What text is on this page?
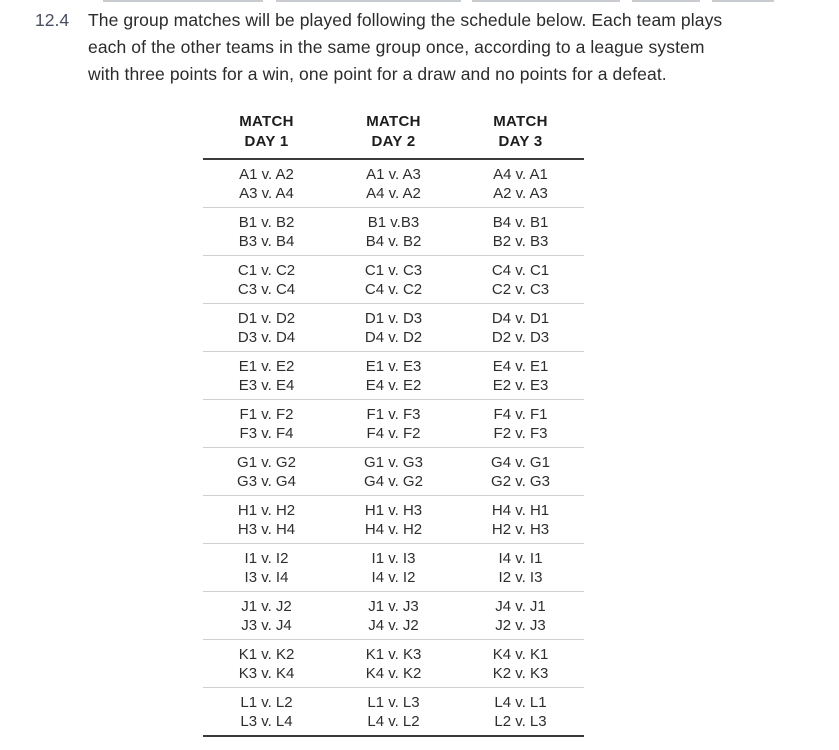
12.4	The group matches will be played following the schedule below. Each team plays
each of the other teams in the same group once, according to a league system
with three points for a win, one point for a draw and no points for a defeat.
MATCH
DAY 1
MATCH
DAY 2
MATCH
DAY 3
A1 v. A2
A3 v. A4
A1 v. A3
A4 v. A2
A4 v. A1
A2 v. A3
B1 v. B2
B3 v. B4
B1 v.B3
B4 v. B2
B4 v. B1
B2 v. B3
C1 v. C2
C3 v. C4
C1 v. C3
C4 v. C2
C4 v. C1
C2 v. C3
D1 v. D2
D3 v. D4
D1 v. D3
D4 v. D2
D4 v. D1
D2 v. D3
E1 v. E2
E3 v. E4
E1 v. E3
E4 v. E2
E4 v. E1
E2 v. E3
F1 v. F2
F3 v. F4
F1 v. F3
F4 v. F2
F4 v. F1
F2 v. F3
G1 v. G2
G3 v. G4
G1 v. G3
G4 v. G2
G4 v. G1
G2 v. G3
H1 v. H2
H3 v. H4
H1 v. H3
H4 v. H2
H4 v. H1
H2 v. H3
I1 v. I2
I3 v. I4
I1 v. I3
I4 v. I2
I4 v. I1
I2 v. I3
J1 v. J2
J3 v. J4
J1 v. J3
J4 v. J2
J4 v. J1
J2 v. J3
K1 v. K2
K3 v. K4
K1 v. K3
K4 v. K2
K4 v. K1
K2 v. K3
L1 v. L2
L3 v. L4
L1 v. L3
L4 v. L2
L4 v. L1
L2 v. L3
